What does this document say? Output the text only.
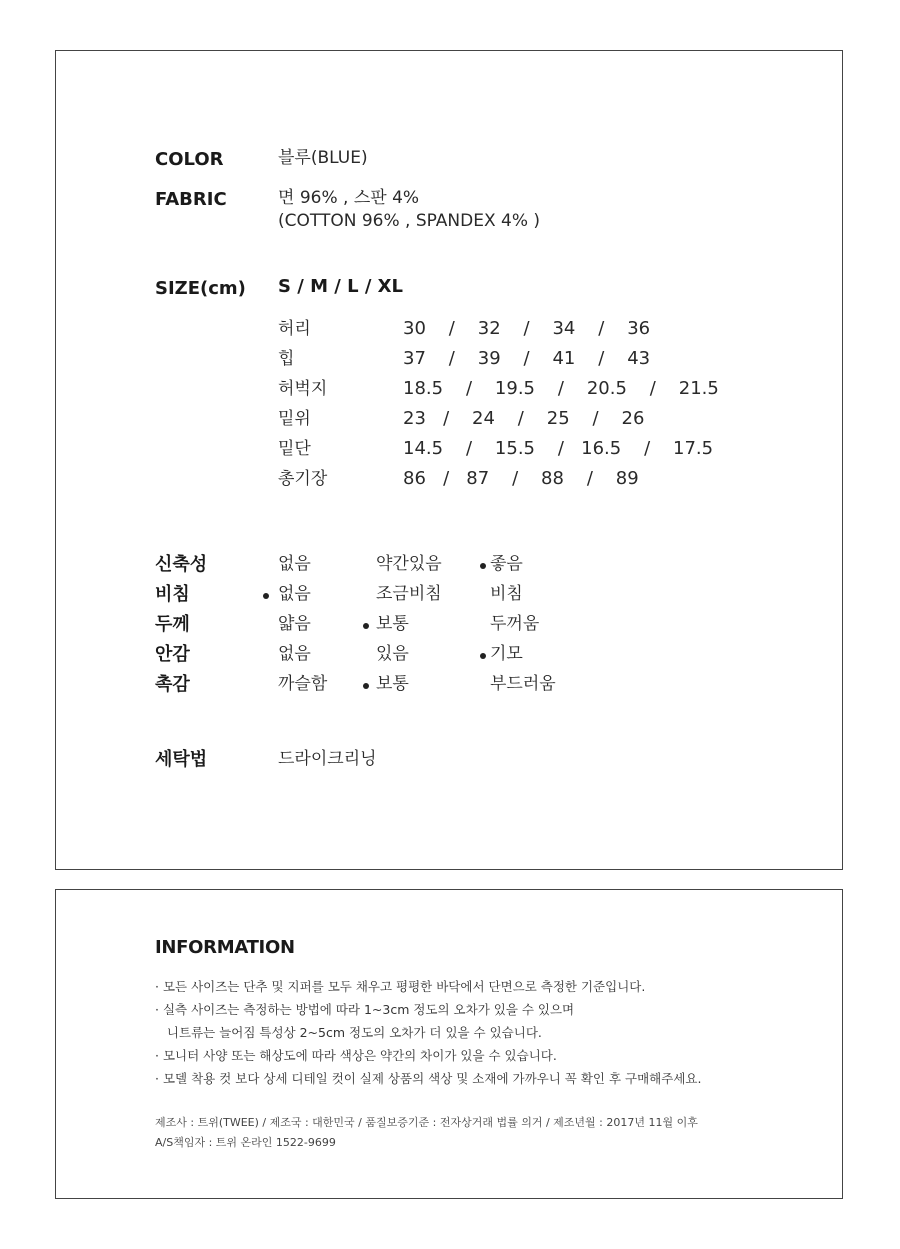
COLOR	블루(BLUE)
FABRIC	면 96% , 스판 4%
(COTTON 96% , SPANDEX 4% )
SIZE(cm) S / M / L / XL
허리	30    /    32    /    34    /    36
힙	37    /    39    /    41    /    43
허벅지	18.5    /    19.5    /    20.5    /    21.5
밑위	23   /    24    /    25    /    26
밑단	14.5    /    15.5    /   16.5    /    17.5
총기장	86   /   87    /    88    /    89
신축성	없음	약간있음	좋음
비침	없음	조금비침	비침
두께	얇음	보통	두꺼움
안감	없음	있음	기모
촉감	까슬함	보통	부드러움
세탁법	드라이크리닝
INFORMATION
· 모든 사이즈는 단추 및 지퍼를 모두 채우고 평평한 바닥에서 단면으로 측정한 기준입니다.
· 실측 사이즈는 측정하는 방법에 따라 1~3cm 정도의 오차가 있을 수 있으며
니트류는 늘어짐 특성상 2~5cm 정도의 오차가 더 있을 수 있습니다.
· 모니터 사양 또는 해상도에 따라 색상은 약간의 차이가 있을 수 있습니다.
· 모델 착용 컷 보다 상세 디테일 컷이 실제 상품의 색상 및 소재에 가까우니 꼭 확인 후 구매해주세요.
제조사 : 트위(TWEE) / 제조국 : 대한민국 / 품질보증기준 : 전자상거래 법률 의거 / 제조년월 : 2017년 11월 이후
A/S책임자 : 트위 온라인 1522-9699
